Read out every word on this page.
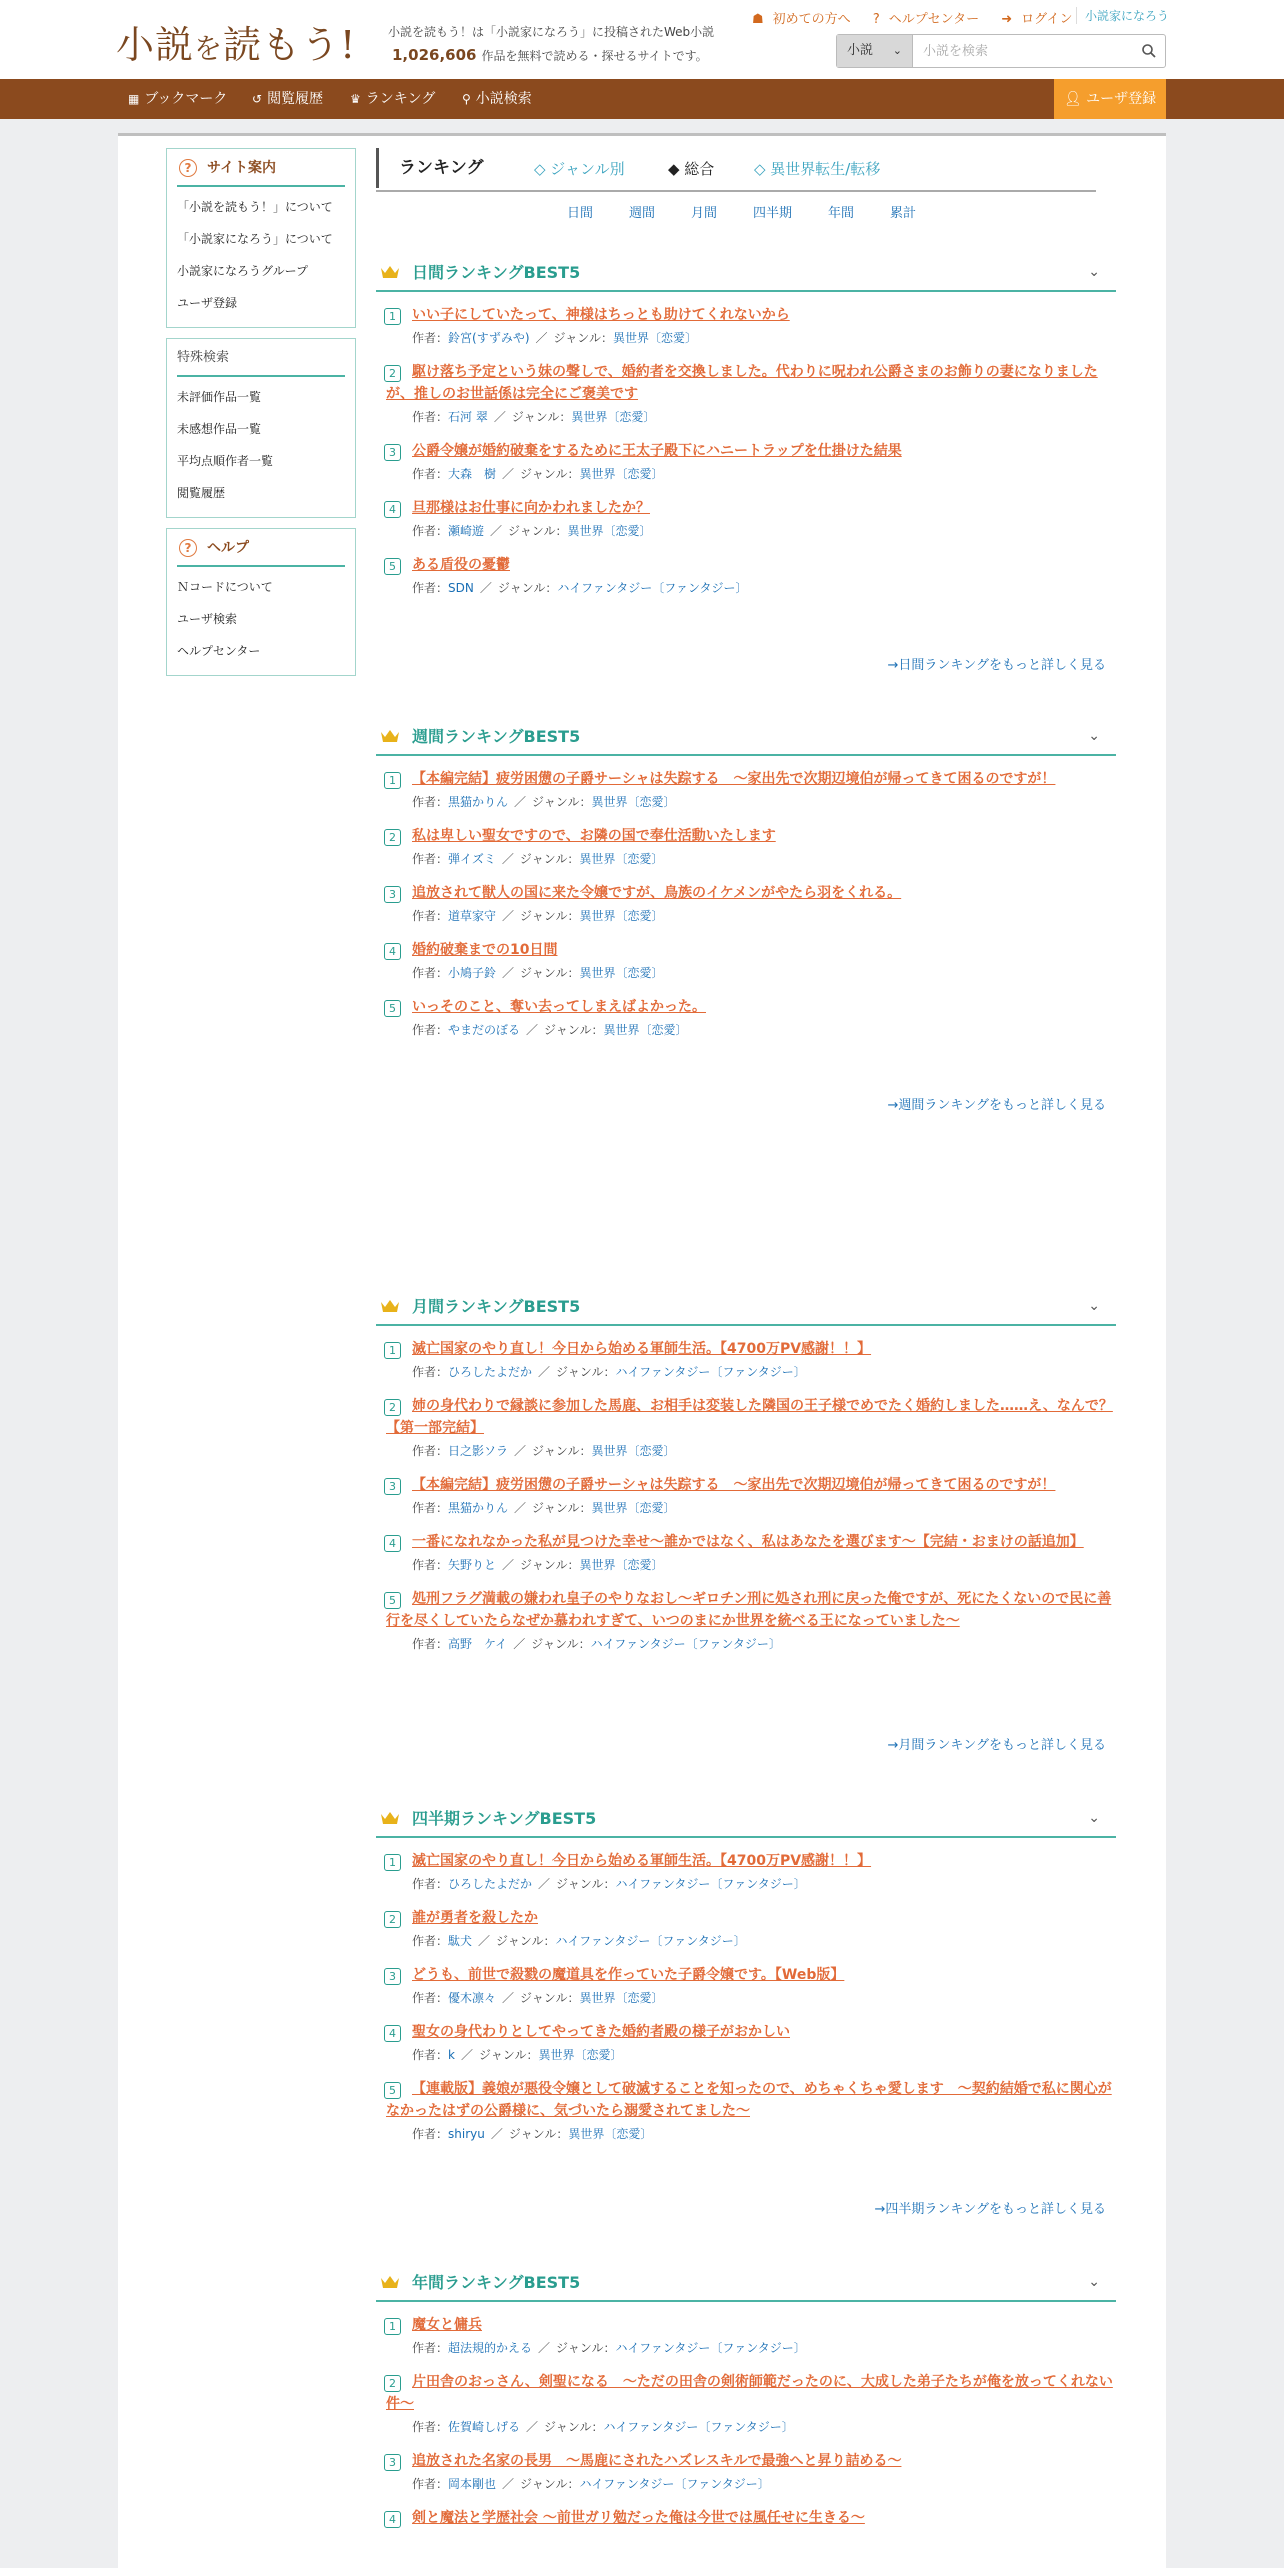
小説を読もう!	小説を読もう！は「小説家になろう」に投稿されたWeb小説
1,026,606 作品を無料で読める・探せるサイトです。
☗ 初めての方へ ? ヘルプセンター ➜ ログイン	小説家になろう
小説 ⌄
小説を検索
▦ ブックマーク ↺ 閲覧履歴 ♛ ランキング ⚲ 小説検索	👤︎ ユーザ登録
? サイト案内
「小説を読もう！」について
「小説家になろう」について
小説家になろうグループ
ユーザ登録
特殊検索
未評価作品一覧
未感想作品一覧
平均点順作者一覧
閲覧履歴
? ヘルプ
Ｎコードについて
ユーザ検索
ヘルプセンター
ランキング	◇ ジャンル別	◆ 総合	◇ 異世界転生/転移
日間	週間	月間	四半期	年間	累計
日間ランキングBEST5	⌄
1	いい子にしていたって、神様はちっとも助けてくれないから
作者：鈴宮(すずみや) ／ ジャンル：異世界〔恋愛〕
2	駆け落ち予定という妹の聲しで、婚約者を交換しました。代わりに呪われ公爵さまのお飾りの妻になりましたが、推しのお世話係は完全にご褒美です
作者：石河 翠 ／ ジャンル：異世界〔恋愛〕
3	公爵令嬢が婚約破棄をするために王太子殿下にハニートラップを仕掛けた結果
作者：大森　樹 ／ ジャンル：異世界〔恋愛〕
4	旦那様はお仕事に向かわれましたか？
作者：瀬崎遊 ／ ジャンル：異世界〔恋愛〕
5	ある盾役の憂鬱
作者：SDN ／ ジャンル：ハイファンタジー〔ファンタジー〕
→日間ランキングをもっと詳しく見る
週間ランキングBEST5	⌄
1	【本編完結】疲労困憊の子爵サーシャは失踪する　〜家出先で次期辺境伯が帰ってきて困るのですが！
作者：黒猫かりん ／ ジャンル：異世界〔恋愛〕
2	私は卑しい聖女ですので、お隣の国で奉仕活動いたします
作者：弾イズミ ／ ジャンル：異世界〔恋愛〕
3	追放されて獣人の国に来た令嬢ですが、鳥族のイケメンがやたら羽をくれる。
作者：道草家守 ／ ジャンル：異世界〔恋愛〕
4	婚約破棄までの10日間
作者：小鳩子鈴 ／ ジャンル：異世界〔恋愛〕
5	いっそのこと、奪い去ってしまえばよかった。
作者：やまだのぼる ／ ジャンル：異世界〔恋愛〕
→週間ランキングをもっと詳しく見る
月間ランキングBEST5	⌄
1	滅亡国家のやり直し！今日から始める軍師生活。【4700万PV感謝！！】
作者：ひろしたよだか ／ ジャンル：ハイファンタジー〔ファンタジー〕
2	姉の身代わりで縁談に参加した馬鹿、お相手は変装した隣国の王子様でめでたく婚約しました……え、なんで？【第一部完結】
作者：日之影ソラ ／ ジャンル：異世界〔恋愛〕
3	【本編完結】疲労困憊の子爵サーシャは失踪する　〜家出先で次期辺境伯が帰ってきて困るのですが！
作者：黒猫かりん ／ ジャンル：異世界〔恋愛〕
4	一番になれなかった私が見つけた幸せ〜誰かではなく、私はあなたを選びます〜【完結・おまけの話追加】
作者：矢野りと ／ ジャンル：異世界〔恋愛〕
5	処刑フラグ満載の嫌われ皇子のやりなおし～ギロチン刑に処され刑に戻った俺ですが、死にたくないので民に善行を尽くしていたらなぜか慕われすぎて、いつのまにか世界を統べる王になっていました～
作者：高野　ケイ ／ ジャンル：ハイファンタジー〔ファンタジー〕
→月間ランキングをもっと詳しく見る
四半期ランキングBEST5	⌄
1	滅亡国家のやり直し！今日から始める軍師生活。【4700万PV感謝！！】
作者：ひろしたよだか ／ ジャンル：ハイファンタジー〔ファンタジー〕
2	誰が勇者を殺したか
作者：駄犬 ／ ジャンル：ハイファンタジー〔ファンタジー〕
3	どうも、前世で殺戮の魔道具を作っていた子爵令嬢です。【Web版】
作者：優木凛々 ／ ジャンル：異世界〔恋愛〕
4	聖女の身代わりとしてやってきた婚約者殿の様子がおかしい
作者：k ／ ジャンル：異世界〔恋愛〕
5	【連載版】義娘が悪役令嬢として破滅することを知ったので、めちゃくちゃ愛します　～契約結婚で私に関心がなかったはずの公爵様に、気づいたら溺愛されてました～
作者：shiryu ／ ジャンル：異世界〔恋愛〕
→四半期ランキングをもっと詳しく見る
年間ランキングBEST5	⌄
1	魔女と傭兵
作者：超法規的かえる ／ ジャンル：ハイファンタジー〔ファンタジー〕
2	片田舎のおっさん、剣聖になる　～ただの田舎の剣術師範だったのに、大成した弟子たちが俺を放ってくれない件～
作者：佐賀崎しげる ／ ジャンル：ハイファンタジー〔ファンタジー〕
3	追放された名家の長男　～馬鹿にされたハズレスキルで最強へと昇り詰める～
作者：岡本剛也 ／ ジャンル：ハイファンタジー〔ファンタジー〕
4	剣と魔法と学歴社会 〜前世ガリ勉だった俺は今世では風任せに生きる〜
